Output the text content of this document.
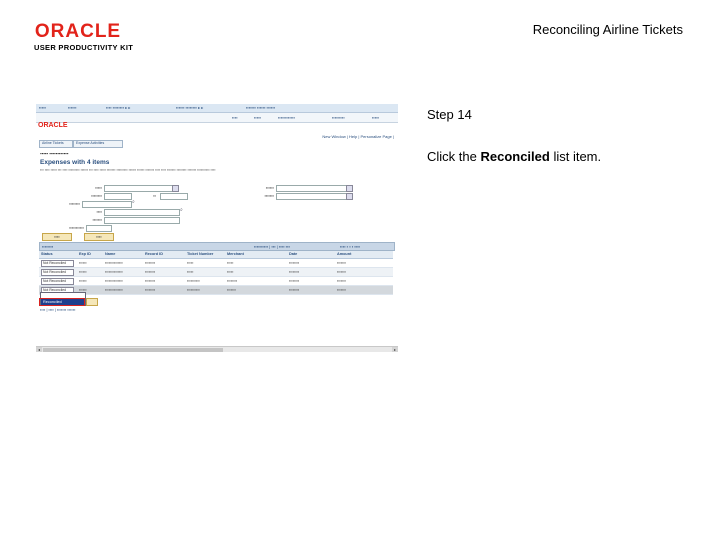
ORACLE
USER PRODUCTIVITY KIT
Reconciling Airline Tickets
Step 14
Click the Reconciled list item.
▪▪▪▪▪	▪▪▪▪▪▪	▪▪▪▪ ▪▪▪▪▪▪▪▪ ▸ ▸	▪▪▪▪▪▪ ▪▪▪▪▪▪▪▪ ▸ ▸	▪▪▪▪▪▪▪ ▪▪▪▪▪▪ ▪▪▪▪▪▪
▪▪▪▪	▪▪▪▪▪	▪▪▪▪▪▪▪▪▪▪▪▪	▪▪▪▪▪▪▪▪▪	▪▪▪▪▪
ORACLE
New Window | Help | Personalize Page |
Airline Tickets	Expense Activities
▪▪▪▪▪ ▪▪▪▪▪▪▪▪▪▪▪▪
Expenses with 4 items
▪▪▪ ▪▪▪▪ ▪▪▪▪▪ ▪▪▪ ▪▪▪▪ ▪▪▪▪▪▪▪▪▪ ▪▪▪▪▪▪ ▪▪▪ ▪▪▪▪ ▪▪▪▪▪ ▪▪▪▪▪▪▪ ▪▪▪▪▪▪▪▪▪ ▪▪▪▪▪▪ ▪▪▪▪▪▪ ▪▪▪▪▪▪▪ ▪▪▪▪ ▪▪▪▪ ▪▪▪▪▪▪▪ ▪▪▪▪▪▪▪▪ ▪▪▪▪▪▪▪ ▪▪▪▪▪▪▪▪▪▪ ▪▪▪▪
▪▪▪▪▪	▪▪▪▪▪▪
▪▪▪▪▪▪▪▪	▪▪	▪▪▪▪▪▪▪
▪▪▪▪▪▪▪▪	⌕
▪▪▪▪	⌕
▪▪▪▪▪▪▪
▪▪▪▪▪▪▪▪▪▪▪
▪▪▪▪	▪▪▪▪
▪▪▪▪▪▪▪▪	▪▪▪▪▪▪▪▪▪▪ | ▪▪▪ | ▪▪▪▪ ▪▪▪	▪▪▪▪ ▪ ▪ ▪ ▪▪▪▪
Status	Exp ID	Name	Record ID	Ticket Number	Merchant	Date	Amount
Not Reconciled	▪▪▪▪▪▪	▪▪▪▪▪▪▪▪▪▪▪▪▪▪	▪▪▪▪▪▪▪▪	▪▪▪▪▪	▪▪▪▪▪	▪▪▪▪▪▪▪▪	▪▪▪▪▪▪▪
Not Reconciled	▪▪▪▪▪▪	▪▪▪▪▪▪▪▪▪▪▪▪▪▪	▪▪▪▪▪▪▪▪	▪▪▪▪▪	▪▪▪▪▪	▪▪▪▪▪▪▪▪	▪▪▪▪▪▪▪
Not Reconciled	▪▪▪▪▪▪	▪▪▪▪▪▪▪▪▪▪▪▪▪▪	▪▪▪▪▪▪▪▪	▪▪▪▪▪▪▪▪▪▪	▪▪▪▪▪▪▪▪	▪▪▪▪▪▪▪▪	▪▪▪▪▪▪▪
Not Reconciled	▪▪▪▪▪▪	▪▪▪▪▪▪▪▪▪▪▪▪▪▪	▪▪▪▪▪▪▪▪	▪▪▪▪▪▪▪▪▪▪	▪▪▪▪▪▪▪	▪▪▪▪▪▪▪▪	▪▪▪▪▪▪▪
Reconciled
▪▪▪▪ | ▪▪▪▪ | ▪▪▪▪▪▪▪ ▪▪▪▪▪▪
◂	▸
